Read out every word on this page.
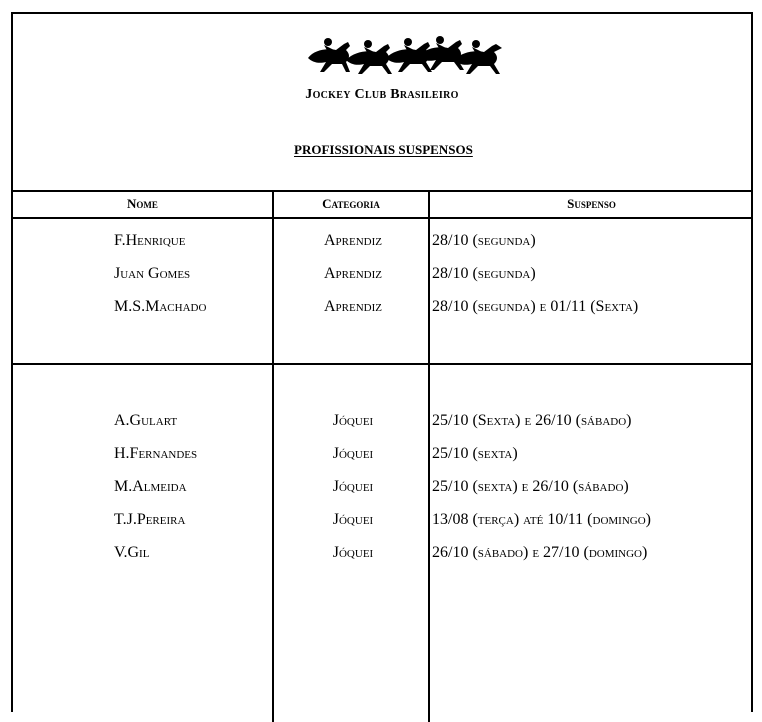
Jockey Club Brasileiro
PROFISSIONAIS SUSPENSOS
Nome	Categoria	Suspenso
F.Henrique	Aprendiz	28/10 (segunda)
Juan Gomes	Aprendiz	28/10 (segunda)
M.S.Machado	Aprendiz	28/10 (segunda) e 01/11 (Sexta)
A.Gulart	Jóquei	25/10 (Sexta) e 26/10 (sábado)
H.Fernandes	Jóquei	25/10 (sexta)
M.Almeida	Jóquei	25/10 (sexta) e 26/10 (sábado)
T.J.Pereira	Jóquei	13/08 (terça) até 10/11 (domingo)
V.Gil	Jóquei	26/10 (sábado) e 27/10 (domingo)
